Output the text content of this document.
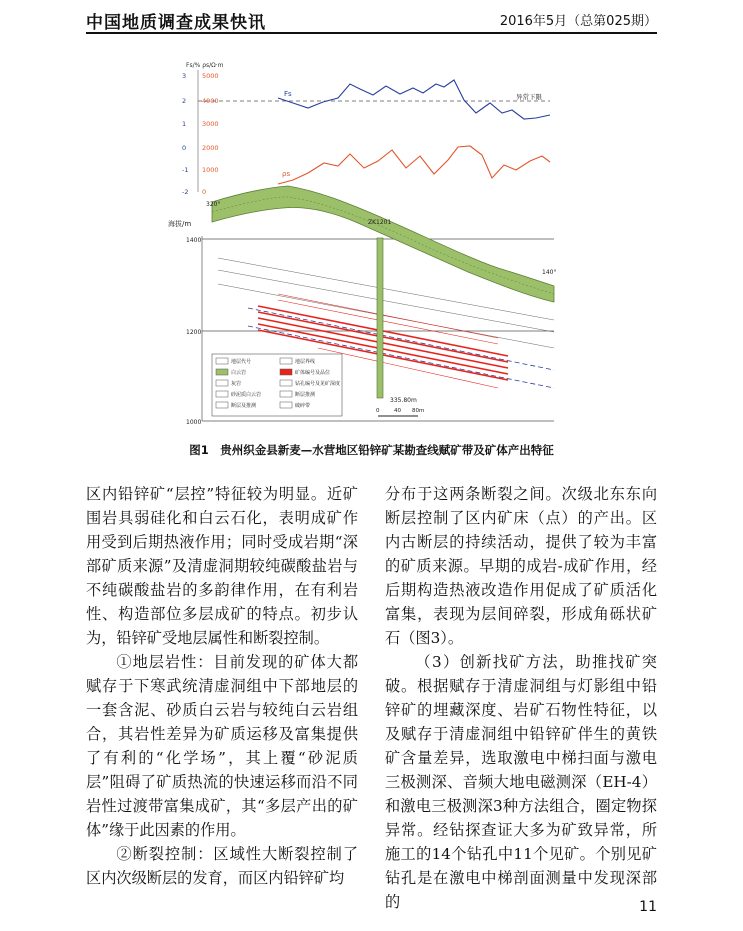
中国地质调查成果快讯	2016年5月（总第025期）
Fs/% ρs/Ω·m
3
2
1
0
-1
-2
5000
4000
3000
2000
1000
0
异常下限
Fs
ρs
海拔/m
1400
1200
1000
320°
140°
ZK1201
335.80m
地层代号
白云岩
灰岩
砂泥质白云岩
断层及推测
地层界线
矿体编号及品位
钻孔编号及见矿深度
断层推测
破碎带
0	40 80m
图1　贵州织金县新麦—水营地区铅锌矿某勘查线赋矿带及矿体产出特征

区内铅锌矿“层控”特征较为明显。近矿围岩具弱硅化和白云石化，表明成矿作用受到后期热液作用；同时受成岩期“深部矿质来源”及清虚洞期较纯碳酸盐岩与不纯碳酸盐岩的多韵律作用，在有利岩性、构造部位多层成矿的特点。初步认为，铅锌矿受地层属性和断裂控制。

①地层岩性：目前发现的矿体大都赋存于下寒武统清虚洞组中下部地层的一套含泥、砂质白云岩与较纯白云岩组合，其岩性差异为矿质运移及富集提供了有利的“化学场”，其上覆“砂泥质层”阻碍了矿质热流的快速运移而沿不同岩性过渡带富集成矿，其“多层产出的矿体”缘于此因素的作用。

②断裂控制：区域性大断裂控制了区内次级断层的发育，而区内铅锌矿均

分布于这两条断裂之间。次级北东东向断层控制了区内矿床（点）的产出。区内古断层的持续活动，提供了较为丰富的矿质来源。早期的成岩-成矿作用，经后期构造热液改造作用促成了矿质活化富集，表现为层间碎裂，形成角砾状矿石（图3）。

（3）创新找矿方法，助推找矿突破。根据赋存于清虚洞组与灯影组中铅锌矿的埋藏深度、岩矿石物性特征，以及赋存于清虚洞组中铅锌矿伴生的黄铁矿含量差异，选取激电中梯扫面与激电三极测深、音频大地电磁测深（EH-4）和激电三极测深3种方法组合，圈定物探异常。经钻探查证大多为矿致异常，所施工的14个钻孔中11个见矿。个别见矿钻孔是在激电中梯剖面测量中发现深部的	11
